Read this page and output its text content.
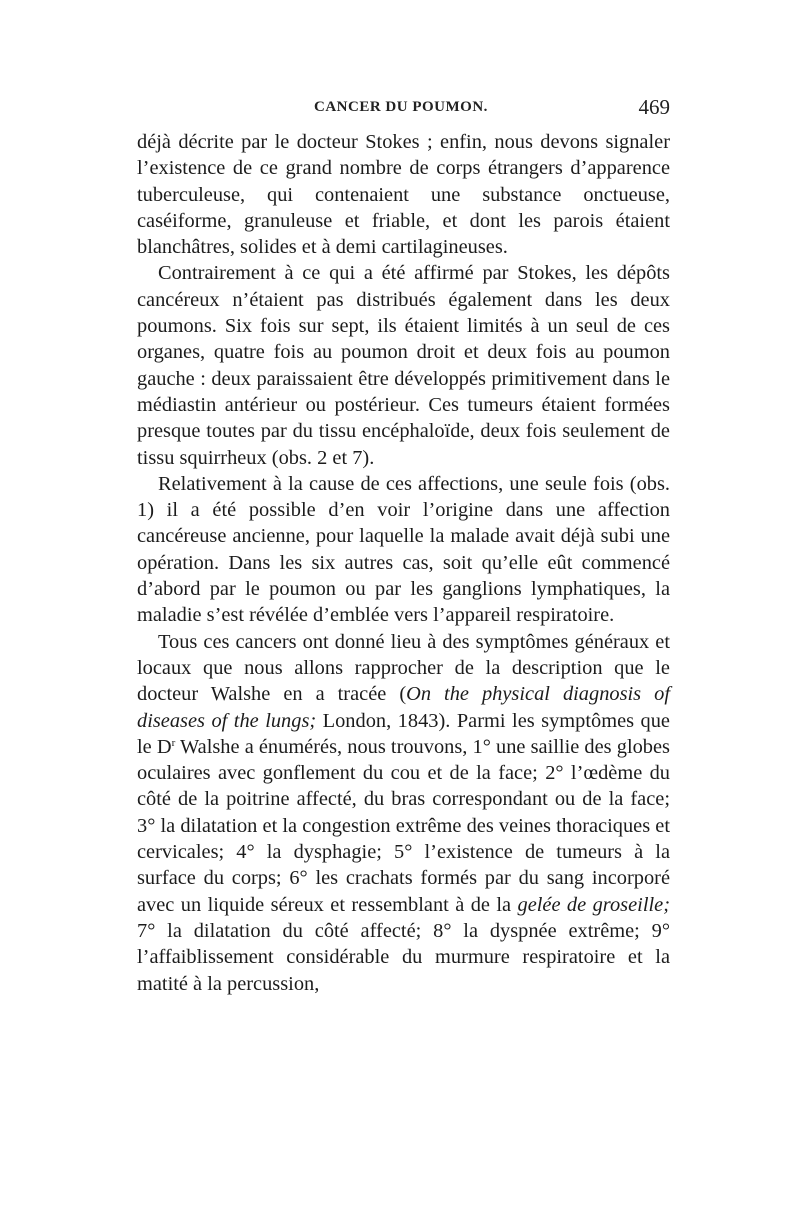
CANCER DU POUMON.	469

déjà décrite par le docteur Stokes ; enfin, nous devons signaler l’existence de ce grand nombre de corps étrangers d’apparence tuberculeuse, qui contenaient une substance onctueuse, caséiforme, granuleuse et friable, et dont les parois étaient blanchâtres, solides et à demi cartilagineuses.

Contrairement à ce qui a été affirmé par Stokes, les dépôts cancéreux n’étaient pas distribués également dans les deux poumons. Six fois sur sept, ils étaient limités à un seul de ces organes, quatre fois au poumon droit et deux fois au poumon gauche : deux paraissaient être développés primitivement dans le médiastin antérieur ou postérieur. Ces tumeurs étaient formées presque toutes par du tissu encéphaloïde, deux fois seulement de tissu squirrheux (obs. 2 et 7).

Relativement à la cause de ces affections, une seule fois (obs. 1) il a été possible d’en voir l’origine dans une affection cancéreuse ancienne, pour laquelle la malade avait déjà subi une opération. Dans les six autres cas, soit qu’elle eût commencé d’abord par le poumon ou par les ganglions lymphatiques, la maladie s’est révélée d’emblée vers l’appareil respiratoire.

Tous ces cancers ont donné lieu à des symptômes généraux et locaux que nous allons rapprocher de la description que le docteur Walshe en a tracée (On the physical diagnosis of diseases of the lungs; London, 1843). Parmi les symptômes que le $D^r$ Walshe a énumérés, nous trouvons, 1° une saillie des globes oculaires avec gonflement du cou et de la face; 2° l’œdème du côté de la poitrine affecté, du bras correspondant ou de la face; 3° la dilatation et la congestion extrême des veines thoraciques et cervicales; 4° la dysphagie; 5° l’existence de tumeurs à la surface du corps; 6° les crachats formés par du sang incorporé avec un liquide séreux et ressemblant à de la gelée de groseille; 7° la dilatation du côté affecté; 8° la dyspnée extrême; 9° l’affaiblissement considérable du murmure respiratoire et la matité à la percussion,
